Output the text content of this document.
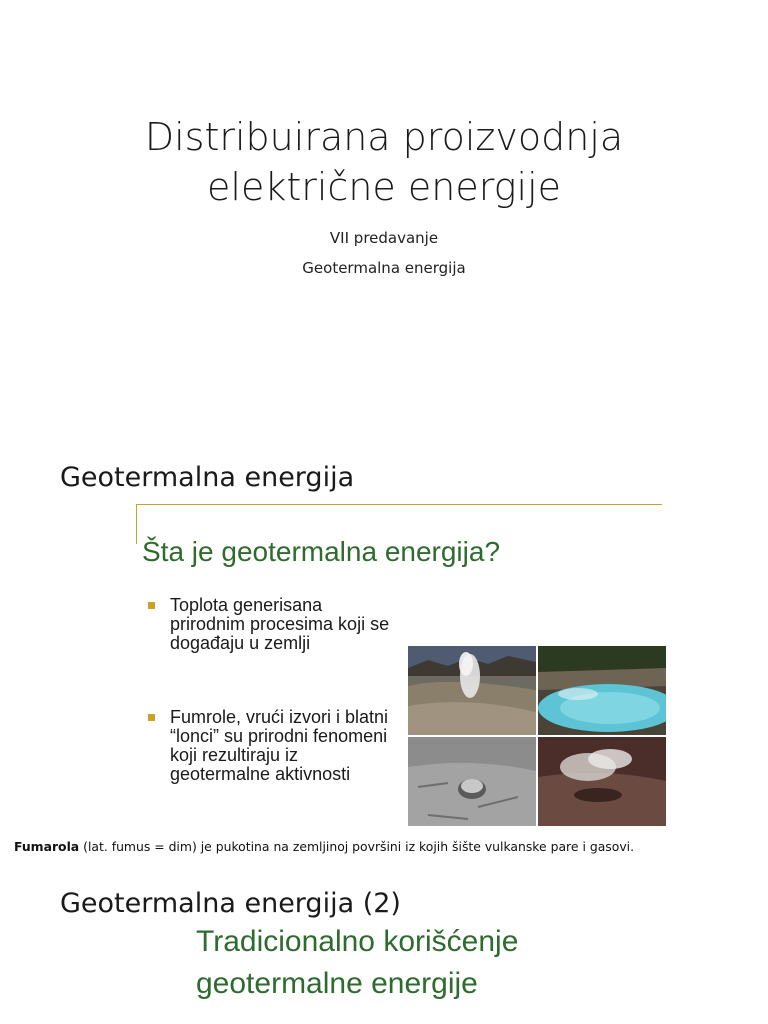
Distribuirana proizvodnja
električne energije
VII predavanje
Geotermalna energija
Geotermalna energija
Šta je geotermalna energija?
Toplota generisana prirodnim procesima koji se događaju u zemlji
Fumrole, vrući izvori i blatni “lonci” su prirodni fenomeni koji rezultiraju iz geotermalne aktivnosti
Fumarola (lat. fumus = dim) je pukotina na zemljinoj površini iz kojih šište vulkanske pare i gasovi.
Geotermalna energija (2)
Tradicionalno korišćenje
geotermalne energije
